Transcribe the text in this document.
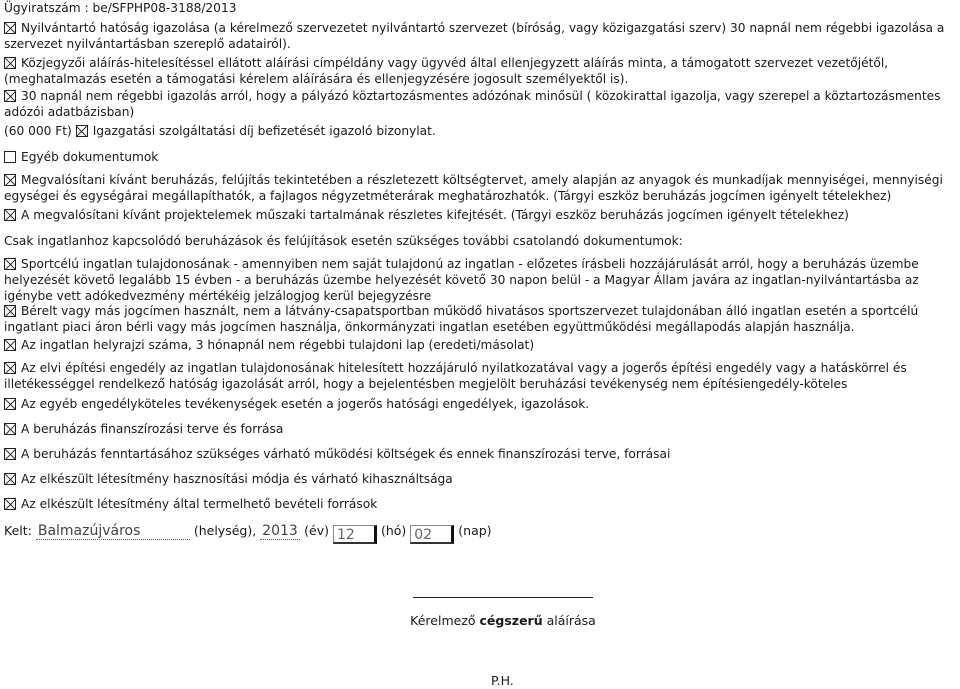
Ügyiratszám : be/SFPHP08-3188/2013
Nyilvántartó hatóság igazolása (a kérelmező szervezetet nyilvántartó szervezet (bíróság, vagy közigazgatási szerv) 30 napnál nem régebbi igazolása a szervezet nyilvántartásban szereplő adatairól).
Közjegyzői aláírás-hitelesítéssel ellátott aláírási címpéldány vagy ügyvéd által ellenjegyzett aláírás minta, a támogatott szervezet vezetőjétől, (meghatalmazás esetén a támogatási kérelem aláírására és ellenjegyzésére jogosult személyektől is).
30 napnál nem régebbi igazolás arról, hogy a pályázó köztartozásmentes adózónak minősül ( közokirattal igazolja, vagy szerepel a köztartozásmentes adózói adatbázisban)
(60 000 Ft) Igazgatási szolgáltatási díj befizetését igazoló bizonylat.
Egyéb dokumentumok
Megvalósítani kívánt beruházás, felújítás tekintetében a részletezett költségtervet, amely alapján az anyagok és munkadíjak mennyiségei, mennyiségi egységei és egységárai megállapíthatók, a fajlagos négyzetméterárak meghatározhatók. (Tárgyi eszköz beruházás jogcímen igényelt tételekhez)
A megvalósítani kívánt projektelemek műszaki tartalmának részletes kifejtését. (Tárgyi eszköz beruházás jogcímen igényelt tételekhez)
Csak ingatlanhoz kapcsolódó beruházások és felújítások esetén szükséges további csatolandó dokumentumok:
Sportcélú ingatlan tulajdonosának - amennyiben nem saját tulajdonú az ingatlan - előzetes írásbeli hozzájárulását arról, hogy a beruházás üzembe helyezését követő legalább 15 évben - a beruházás üzembe helyezését követő 30 napon belül - a Magyar Állam javára az ingatlan-nyilvántartásba az igénybe vett adókedvezmény mértékéig jelzálogjog kerül bejegyzésre
Bérelt vagy más jogcímen használt, nem a látvány-csapatsportban működő hivatásos sportszervezet tulajdonában álló ingatlan esetén a sportcélú ingatlant piaci áron bérli vagy más jogcímen használja, önkormányzati ingatlan esetében együttműködési megállapodás alapján használja.
Az ingatlan helyrajzi száma, 3 hónapnál nem régebbi tulajdoni lap (eredeti/másolat)
Az elvi építési engedély az ingatlan tulajdonosának hitelesített hozzájáruló nyilatkozatával vagy a jogerős építési engedély vagy a hatáskörrel és illetékességgel rendelkező hatóság igazolását arról, hogy a bejelentésben megjelölt beruházási tevékenység nem építésiengedély-köteles
Az egyéb engedélyköteles tevékenységek esetén a jogerős hatósági engedélyek, igazolások.
A beruházás finanszírozási terve és forrása
A beruházás fenntartásához szükséges várható működési költségek és ennek finanszírozási terve, forrásai
Az elkészült létesítmény hasznosítási módja és várható kihasználtsága
Az elkészült létesítmény által termelhető bevételi források
Kelt: Balmazújváros	(helység), 2013 (év) 12 (hó) 02 (nap)
Kérelmező cégszerű aláírása
P.H.
